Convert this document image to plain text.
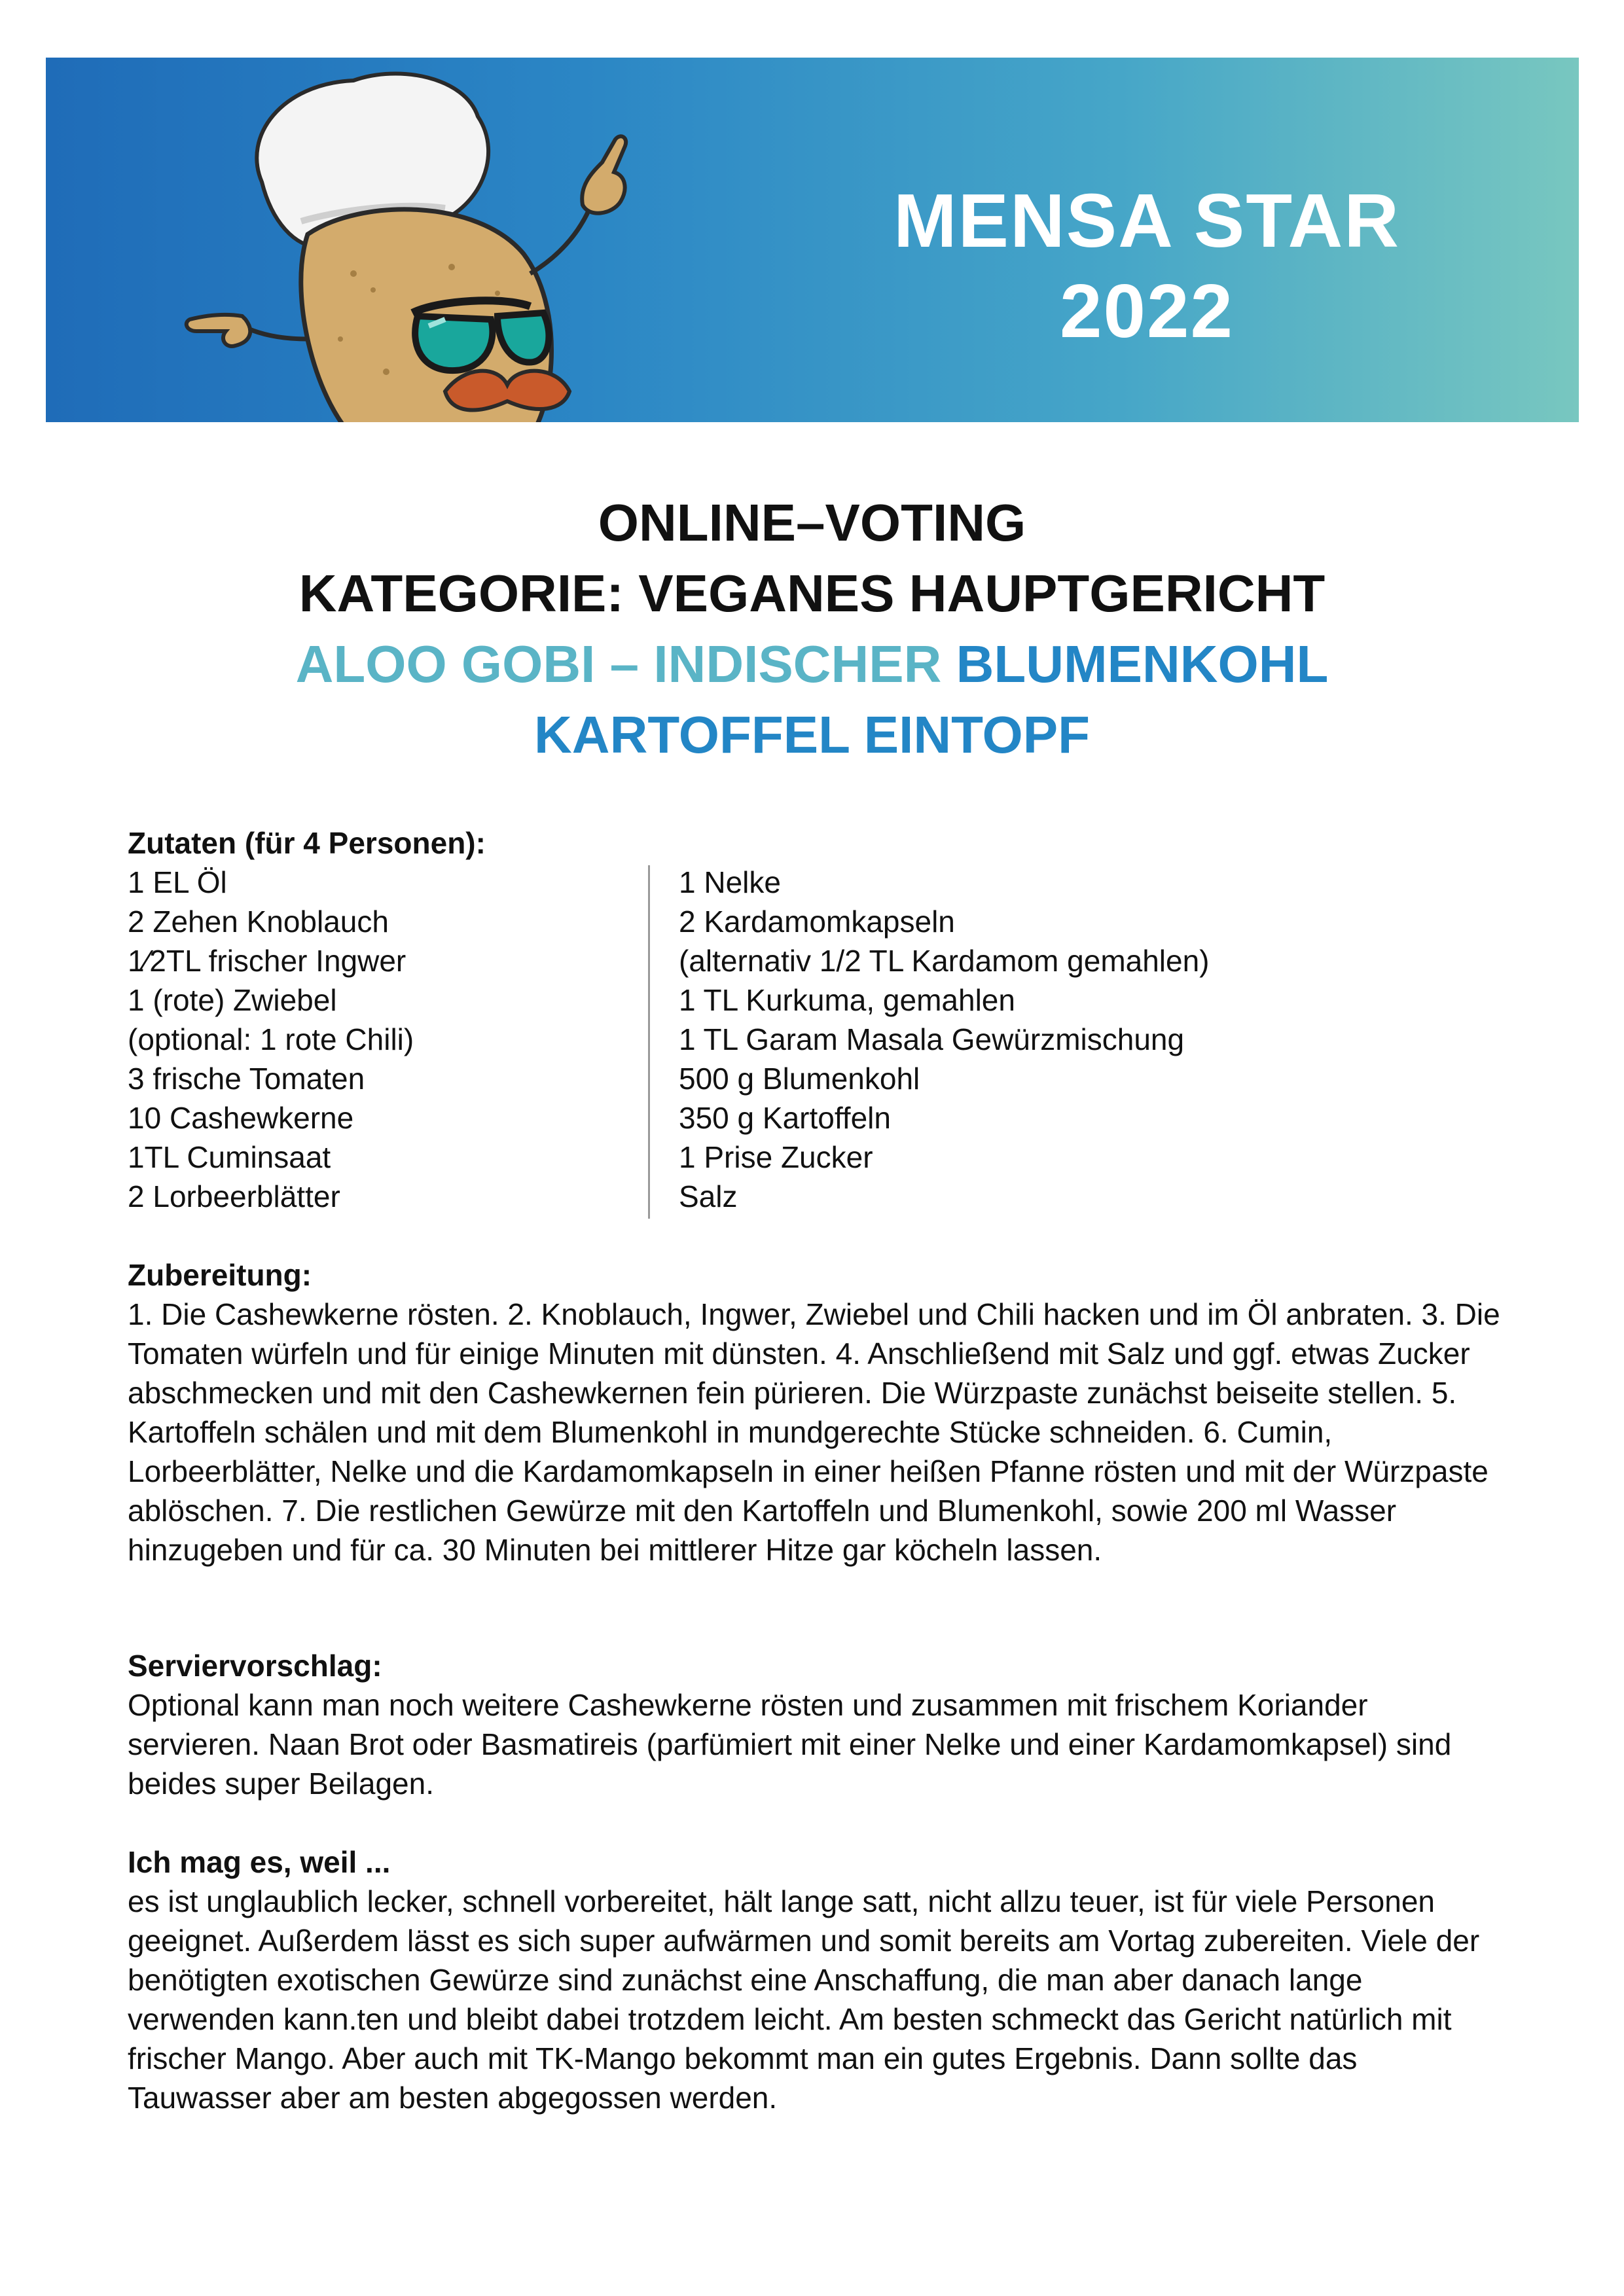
MENSA STAR
2022
ONLINE–VOTING
KATEGORIE: VEGANES HAUPTGERICHT
ALOO GOBI – INDISCHER BLUMENKOHL
KARTOFFEL EINTOPF
Zutaten (für 4 Personen):
1 EL Öl
2 Zehen Knoblauch
1⁄2TL frischer Ingwer
1 (rote) Zwiebel
(optional: 1 rote Chili)
3 frische Tomaten
10 Cashewkerne
1TL Cuminsaat
2 Lorbeerblätter
1 Nelke
2 Kardamomkapseln
(alternativ 1/2 TL Kardamom gemahlen)
1 TL Kurkuma, gemahlen
1 TL Garam Masala Gewürzmischung
500 g Blumenkohl
350 g Kartoffeln
1 Prise Zucker
Salz
Zubereitung:

1. Die Cashewkerne rösten. 2. Knoblauch, Ingwer, Zwiebel und Chili hacken und im Öl anbraten. 3. Die Tomaten würfeln und für einige Minuten mit dünsten. 4. Anschließend mit Salz und ggf. etwas Zucker abschmecken und mit den Cashewkernen fein pürieren. Die Würzpaste zunächst beiseite stellen. 5. Kartoffeln schälen und mit dem Blumenkohl in mundgerechte Stücke schneiden. 6. Cumin, Lorbeerblätter, Nelke und die Kardamomkapseln in einer heißen Pfanne rösten und mit der Würzpaste ablöschen. 7. Die restlichen Gewürze mit den Kartoffeln und Blumenkohl, sowie 200 ml Wasser hinzugeben und für ca. 30 Minuten bei mittlerer Hitze gar köcheln lassen.

Serviervorschlag:

Optional kann man noch weitere Cashewkerne rösten und zusammen mit frischem Koriander servieren. Naan Brot oder Basmatireis (parfümiert mit einer Nelke und einer Kardamomkapsel) sind beides super Beilagen.

Ich mag es, weil ...

es ist unglaublich lecker, schnell vorbereitet, hält lange satt, nicht allzu teuer, ist für viele Personen geeignet. Außerdem lässt es sich super aufwärmen und somit bereits am Vortag zubereiten. Viele der benötigten exotischen Gewürze sind zunächst eine Anschaffung, die man aber danach lange verwenden kann.ten und bleibt dabei trotzdem leicht. Am besten schmeckt das Gericht natürlich mit frischer Mango. Aber auch mit TK-Mango bekommt man ein gutes Ergebnis. Dann sollte das Tauwasser aber am besten abgegossen werden.
